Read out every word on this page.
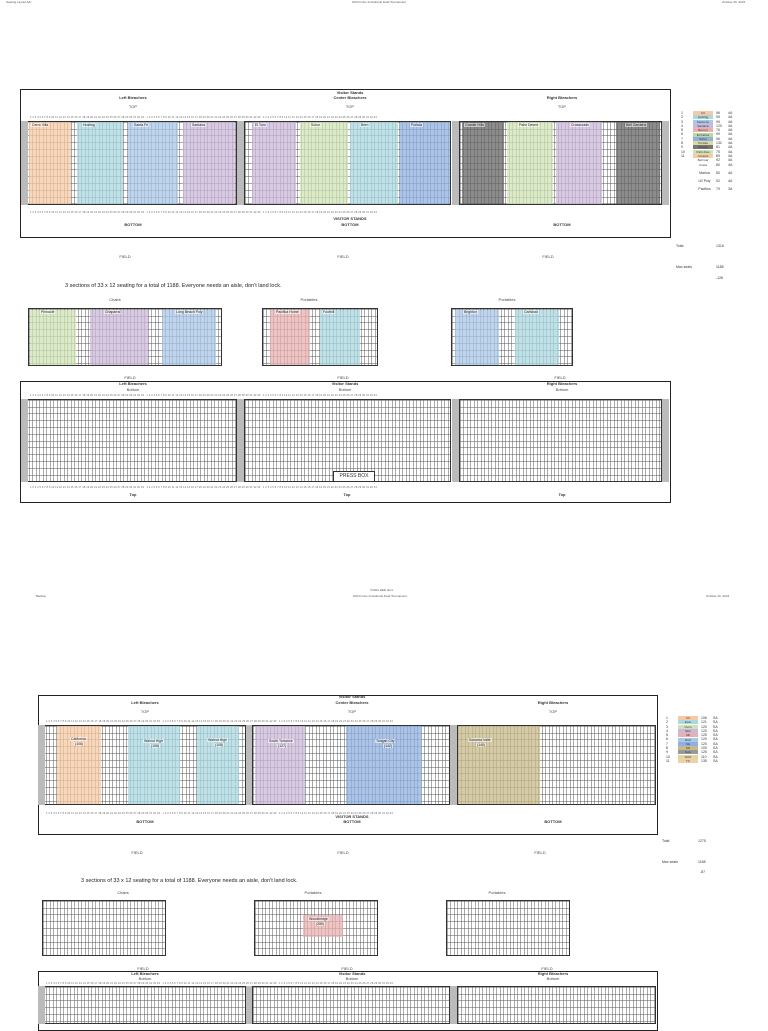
Seating Layout A/F	2024 Irvine Invitational Field Tournament	October 26, 2024
Left Bleachers
TOP
Visitor Stands
Center Bleachers
TOP
Right Bleachers
TOP
1 2 3 4 5 6 7 8 9 10 11 12 13 14 15 16 17 18 19 20 21 22 23 24 25 26 27 28 29 30 31 32 33   1 2 3 4 5 6 7 8 9 10 11 12 13 14 15 16 17 18 19 20 21 22 23 24 25 26 27 28 29 30 31 32 33   1 2 3 4 5 6 7 8 9 10 11 12 13 14 15 16 17 18 19 20 21 22 23 24 25 26 27 28 29 30 31 32 33
Cerro Villa	Husting	Santa Fe	Santana	El Toro	Schur	Bren	Portola	Granite Hills	Palm Desert	Crossroads	Bell Gardens
1 2 3 4 5 6 7 8 9 10 11 12 13 14 15 16 17 18 19 20 21 22 23 24 25 26 27 28 29 30 31 32 33   1 2 3 4 5 6 7 8 9 10 11 12 13 14 15 16 17 18 19 20 21 22 23 24 25 26 27 28 29 30 31 32 33   1 2 3 4 5 6 7 8 9 10 11 12 13 14 15 16 17 18 19 20 21 22 23 24 25 26 27 28 29 30 31 32 33
BOTTOM
VISITOR STANDS
BOTTOM	BOTTOM
FIELD	FIELD	FIELD
1	CV	96 4A
2	Husting 99 4A
3	Santa Fe 99 4A
4	Santana 120 4A
5	Bren.O 76 4A
6	El Carlos 99 4A
7	Schur	96 4A
8	Portola 132 4A
9	Granite 81 4A
10	Palm Des 75 4A
11	Crossrd 89 4A
Bell Gar 92 4A
Costa	80 4A
Marina 80 4A
LB Poly 92 4A
Pacifica 79 3A
Total	1316
Max seats	1188
-128
3 sections of 33 x 12 seating for a total of 1188. Everyone needs an aisle, don't land lock.
Chairs	Portables	Portables
Pinnacle	Chaparral	Long Beach Poly	Pacifica Home	Foothill	Brighton	Carlsbad
FIELD	FIELD	FIELD
Left Bleachers
Bottom
Visitor Stands
Bottom
Right Bleachers
Bottom
1 2 3 4 5 6 7 8 9 10 11 12 13 14 15 16 17 18 19 20 21 22 23 24 25 26 27 28 29 30 31 32 33   1 2 3 4 5 6 7 8 9 10 11 12 13 14 15 16 17 18 19 20 21 22 23 24 25 26 27 28 29 30 31 32 33   1 2 3 4 5 6 7 8 9 10 11 12 13 14 15 16 17 18 19 20 21 22 23 24 25 26 27 28 29 30 31 32 33
PRESS BOX
1 2 3 4 5 6 7 8 9 10 11 12 13 14 15 16 17 18 19 20 21 22 23 24 25 26 27 28 29 30 31 32 33   1 2 3 4 5 6 7 8 9 10 11 12 13 14 15 16 17 18 19 20 21 22 23 24 25 26 27 28 29 30 31 32 33   1 2 3 4 5 6 7 8 9 10 11 12 13 14 15 16 17 18 19 20 21 22 23 24 25 26 27 28 29 30 31 32 33
Top	Top	Top
Backup
©2024 HED.docx
2024 Irvine Invitational Field Tournament	October 26, 2024
Left Bleachers
TOP
Visitor Stands
Center Bleachers
TOP
Right Bleachers
TOP
1 2 3 4 5 6 7 8 9 10 11 12 13 14 15 16 17 18 19 20 21 22 23 24 25 26 27 28 29 30 31 32 33   1 2 3 4 5 6 7 8 9 10 11 12 13 14 15 16 17 18 19 20 21 22 23 24 25 26 27 28 29 30 31 32 33   1 2 3 4 5 6 7 8 9 10 11 12 13 14 15 16 17 18 19 20 21 22 23 24 25 26 27 28 29 30 31 32 33
California
(106)
Walnut High
(108)
Walnut High
(108)
South Torrance
(127)
Tongan City
(142)
Sonoma Valle
(140)
1 2 3 4 5 6 7 8 9 10 11 12 13 14 15 16 17 18 19 20 21 22 23 24 25 26 27 28 29 30 31 32 33   1 2 3 4 5 6 7 8 9 10 11 12 13 14 15 16 17 18 19 20 21 22 23 24 25 26 27 28 29 30 31 32 33   1 2 3 4 5 6 7 8 9 10 11 12 13 14 15 16 17 18 19 20 21 22 23 24 25 26 27 28 29 30 31 32 33
BOTTOM
VISITOR STANDS
BOTTOM	BOTTOM
FIELD	FIELD	FIELD
1	CV	106 SA
2	Fwm	121 SA
3	Cuco	120 SA
4	Mon	120 SA
5	Mil	125 SA
6	Ruiz	120 SA
7	SG	120 SA
8	SN	100 SA
9	Surv	125 SA
10	SOO	110 SA
11	TC	135 SA
Total	1275
Max seats	1188
-87
3 sections of 33 x 12 seating for a total of 1188. Everyone needs an aisle, don't land lock.
Chairs	Portables	Portables
Woodbridge
(280)
FIELD	FIELD	FIELD
Left Bleachers
Bottom
Visitor Stands
Bottom
Right Bleachers
Bottom
1 2 3 4 5 6 7 8 9 10 11 12 13 14 15 16 17 18 19 20 21 22 23 24 25 26 27 28 29 30 31 32 33   1 2 3 4 5 6 7 8 9 10 11 12 13 14 15 16 17 18 19 20 21 22 23 24 25 26 27 28 29 30 31 32 33   1 2 3 4 5 6 7 8 9 10 11 12 13 14 15 16 17 18 19 20 21 22 23 24 25 26 27 28 29 30 31 32 33
